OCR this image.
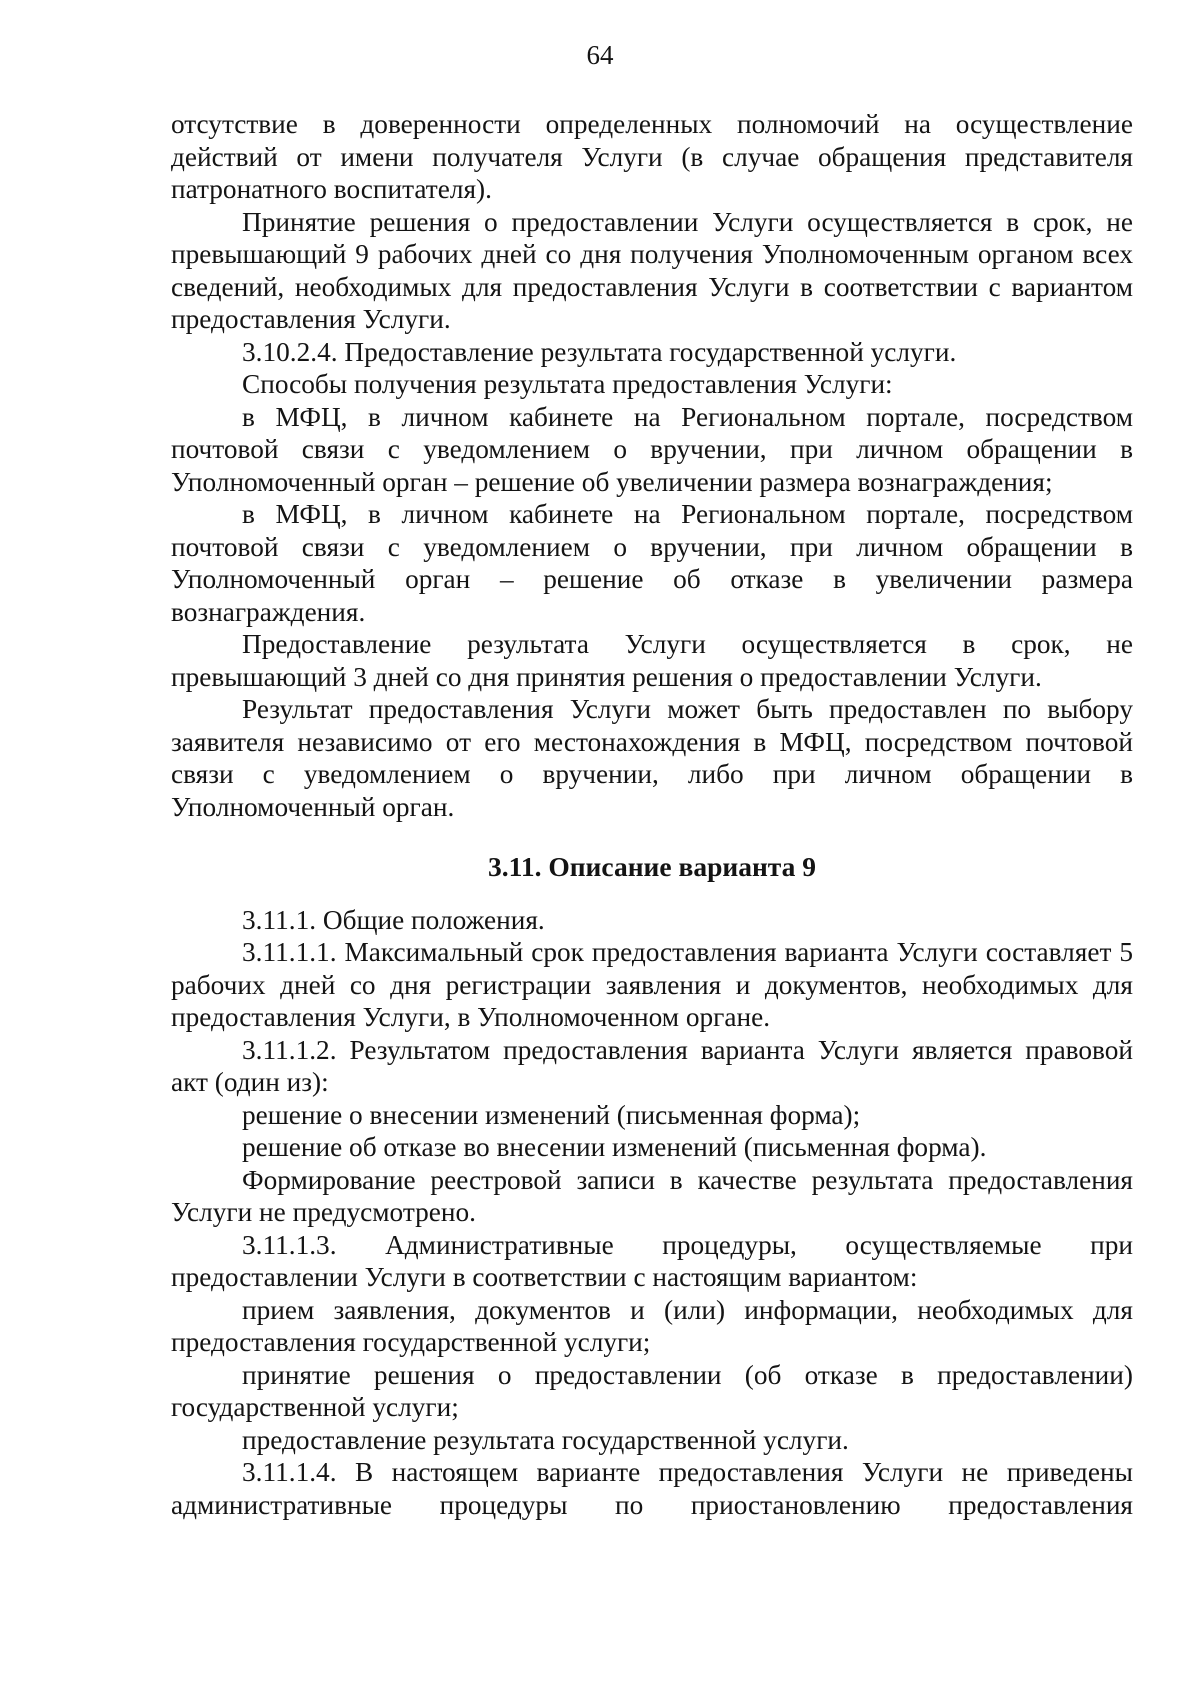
64

отсутствие в доверенности определенных полномочий на осуществление действий от имени получателя Услуги (в случае обращения представителя патронатного воспитателя).

Принятие решения о предоставлении Услуги осуществляется в срок, не превышающий 9 рабочих дней со дня получения Уполномоченным органом всех сведений, необходимых для предоставления Услуги в соответствии с вариантом предоставления Услуги.

3.10.2.4. Предоставление результата государственной услуги.

Способы получения результата предоставления Услуги:

в МФЦ, в личном кабинете на Региональном портале, посредством почтовой связи с уведомлением о вручении, при личном обращении в Уполномоченный орган – решение об увеличении размера вознаграждения;

в МФЦ, в личном кабинете на Региональном портале, посредством почтовой связи с уведомлением о вручении, при личном обращении в Уполномоченный орган – решение об отказе в увеличении размера вознаграждения.

Предоставление результата Услуги осуществляется в срок, не превышающий 3 дней со дня принятия решения о предоставлении Услуги.

Результат предоставления Услуги может быть предоставлен по выбору заявителя независимо от его местонахождения в МФЦ, посредством почтовой связи с уведомлением о вручении, либо при личном обращении в Уполномоченный орган.

3.11. Описание варианта 9

3.11.1. Общие положения.

3.11.1.1. Максимальный срок предоставления варианта Услуги составляет 5 рабочих дней со дня регистрации заявления и документов, необходимых для предоставления Услуги, в Уполномоченном органе.

3.11.1.2. Результатом предоставления варианта Услуги является правовой акт (один из):

решение о внесении изменений (письменная форма);

решение об отказе во внесении изменений (письменная форма).

Формирование реестровой записи в качестве результата предоставления Услуги не предусмотрено.

3.11.1.3. Административные процедуры, осуществляемые при предоставлении Услуги в соответствии с настоящим вариантом:

прием заявления, документов и (или) информации, необходимых для предоставления государственной услуги;

принятие решения о предоставлении (об отказе в предоставлении) государственной услуги;

предоставление результата государственной услуги.

3.11.1.4. В настоящем варианте предоставления Услуги не приведены административные процедуры по приостановлению предоставления
